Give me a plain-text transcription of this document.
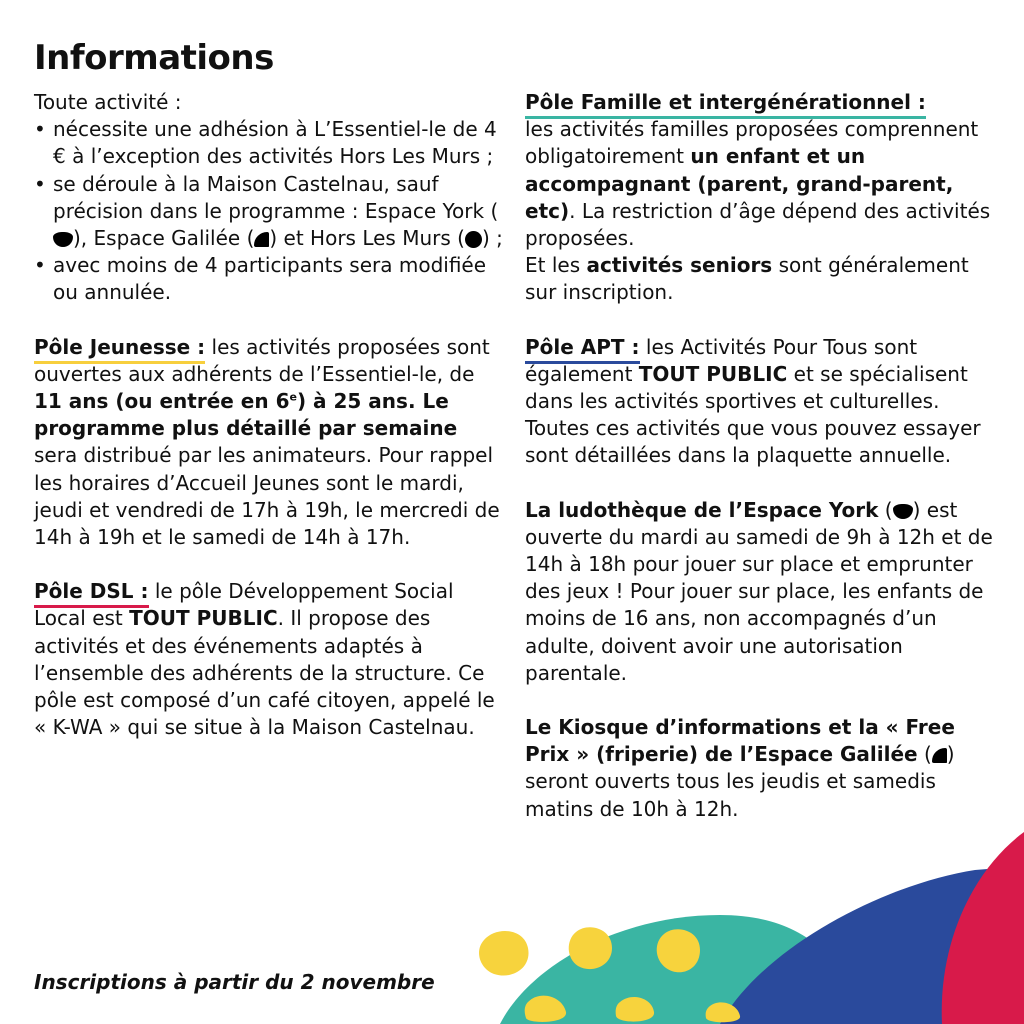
Informations

Toute activité :

• nécessite une adhésion à L’Essentiel-le de 4 € à l’exception des activités Hors Les Murs ;
• se déroule à la Maison Castelnau, sauf précision dans le programme : Espace York (), Espace Galilée ( ) et Hors Les Murs ( ) ;
• avec moins de 4 participants sera modifiée ou annulée.

Pôle Jeunesse : les activités proposées sont ouvertes aux adhérents de l’Essentiel-le, de 11 ans (ou entrée en 6e) à 25 ans. Le programme plus détaillé par semaine sera distribué par les animateurs. Pour rappel les horaires d’Accueil Jeunes sont le mardi, jeudi et vendredi de 17h à 19h, le mercredi de 14h à 19h et le samedi de 14h à 17h.

Pôle DSL : le pôle Développement Social Local est TOUT PUBLIC. Il propose des activités et des événements adaptés à l’ensemble des adhérents de la structure. Ce pôle est composé d’un café citoyen, appelé le « K-WA » qui se situe à la Maison Castelnau.

Pôle Famille et intergénérationnel :
les activités familles proposées comprennent obligatoirement un enfant et un accompagnant (parent, grand-parent, etc). La restriction d’âge dépend des activités proposées.
Et les activités seniors sont généralement sur inscription.

Pôle APT : les Activités Pour Tous sont également TOUT PUBLIC et se spécialisent dans les activités sportives et culturelles. Toutes ces activités que vous pouvez essayer sont détaillées dans la plaquette annuelle.

La ludothèque de l’Espace York ( ) est ouverte du mardi au samedi de 9h à 12h et de 14h à 18h pour jouer sur place et emprunter des jeux ! Pour jouer sur place, les enfants de moins de 16 ans, non accompagnés d’un adulte, doivent avoir une autorisation parentale.

Le Kiosque d’informations et la « Free Prix » (friperie) de l’Espace Galilée ( ) seront ouverts tous les jeudis et samedis matins de 10h à 12h.

Inscriptions à partir du 2 novembre
